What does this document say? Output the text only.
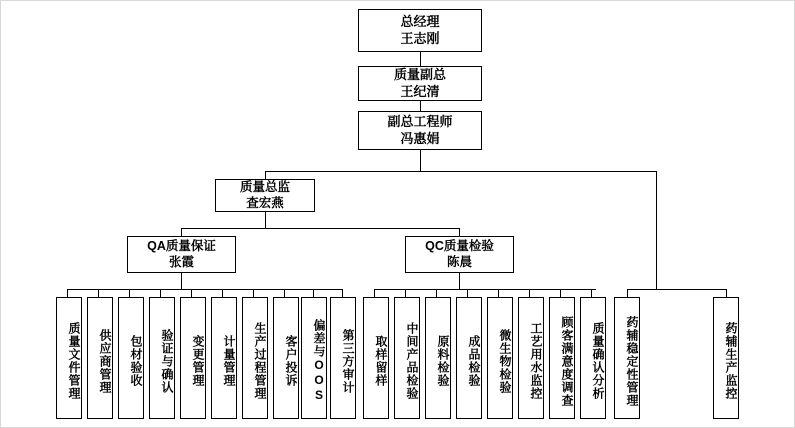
总经理
王志刚
质量副总
王纪清
副总工程师
冯惠娟
质量总监
查宏燕
QA质量保证
张霞
QC质量检验
陈晨
质量文件管理 供应商管理 包材验收 验证与确认 变更管理 计量管理 生产过程管理 客户投诉 偏差与OOS 第三方审计 取样留样 中间产品检验 原料检验 成品检验 微生物检验 工艺用水监控 顾客满意度调查 质量确认分析 药辅稳定性管理	药辅生产监控
